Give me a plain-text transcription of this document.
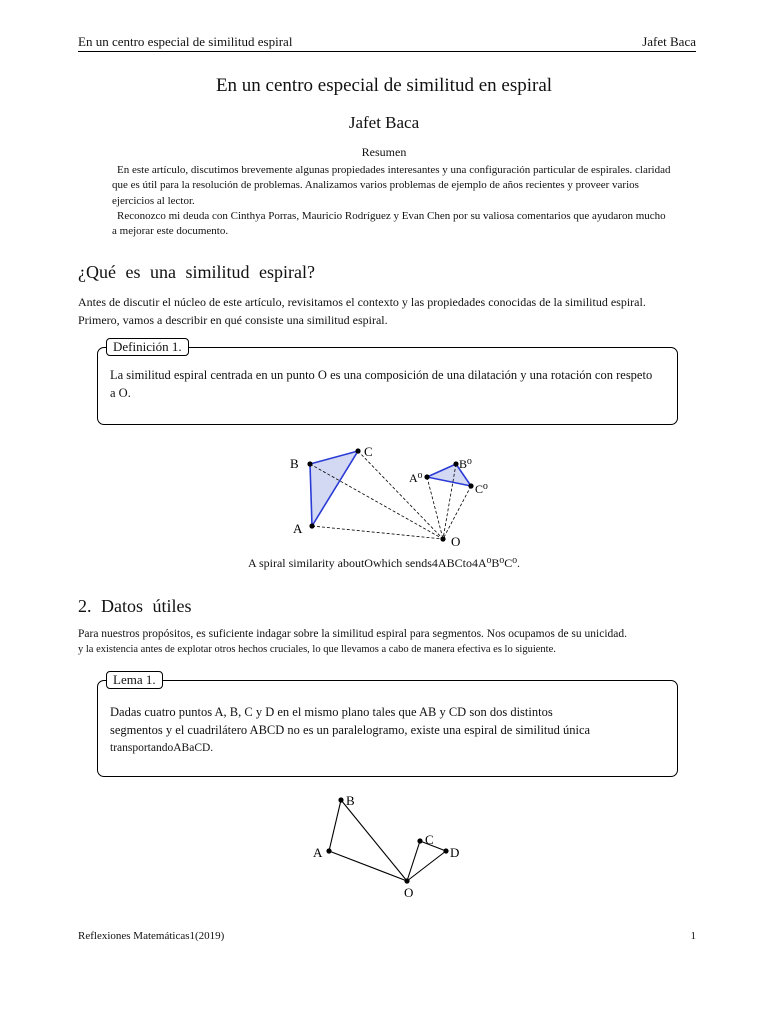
En un centro especial de similitud espiral	Jafet Baca
En un centro especial de similitud en espiral
Jafet Baca
Resumen

En este artículo, discutimos brevemente algunas propiedades interesantes y una configuración particular de espirales. claridad que es útil para la resolución de problemas. Analizamos varios problemas de ejemplo de años recientes y proveer varios ejercicios al lector.

Reconozco mi deuda con Cinthya Porras, Mauricio Rodríguez y Evan Chen por su valiosa comentarios que ayudaron mucho a mejorar este documento.

¿Qué es una similitud espiral?

Antes de discutir el núcleo de este artículo, revisitamos el contexto y las propiedades conocidas de la similitud espiral. Primero, vamos a describir en qué consiste una similitud espiral.

Definición 1.
La similitud espiral centrada en un punto O es una composición de una dilatación y una rotación con respeto a O.
B
C
A
A⁰
B⁰
C⁰
O
A spiral similarity aboutOwhich sends4ABCto4A⁰B⁰C⁰.
2. Datos útiles

Para nuestros propósitos, es suficiente indagar sobre la similitud espiral para segmentos. Nos ocupamos de su unicidad.

y la existencia antes de explotar otros hechos cruciales, lo que llevamos a cabo de manera efectiva es lo siguiente.

Lema 1.
Dadas cuatro puntos A, B, C y D en el mismo plano tales que AB y CD son dos distintos
segmentos y el cuadrilátero ABCD no es un paralelogramo, existe una espiral de similitud única
transportandoABaCD.
B
A
C
D
O
Reflexiones Matemáticas1(2019)	1
